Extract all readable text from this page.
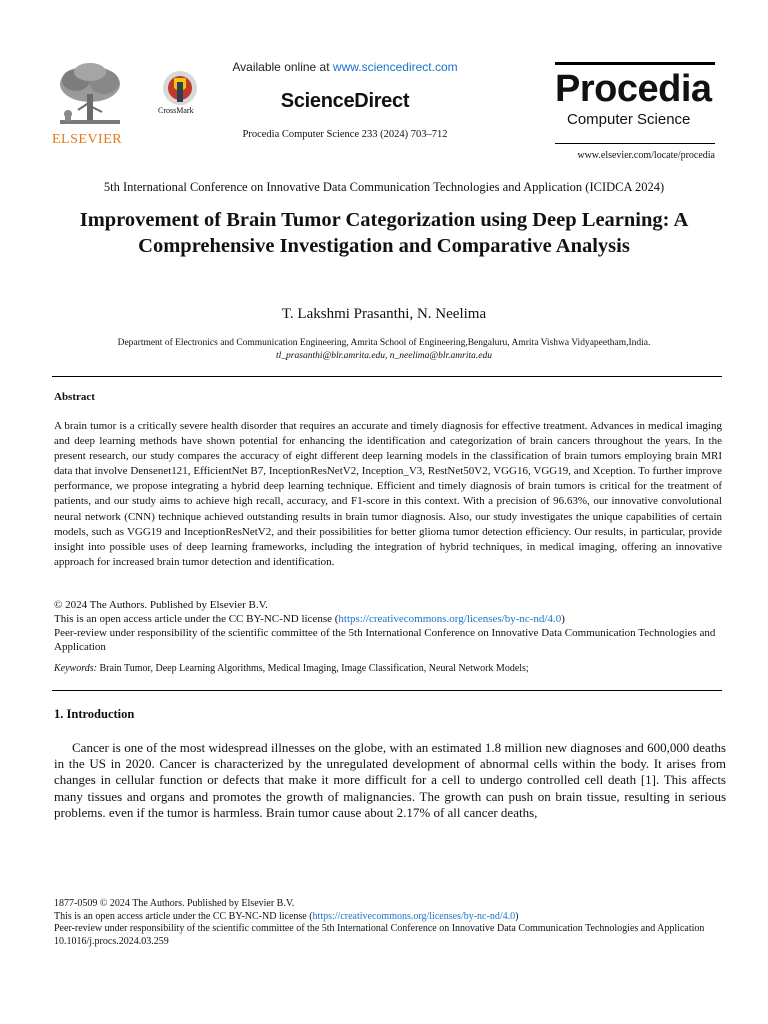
ELSEVIER
CrossMark
Available online at www.sciencedirect.com
ScienceDirect
Procedia Computer Science 233 (2024) 703–712
Procedia
Computer Science
www.elsevier.com/locate/procedia
5th International Conference on Innovative Data Communication Technologies and Application (ICIDCA 2024)
Improvement of Brain Tumor Categorization using Deep Learning: A Comprehensive Investigation and Comparative Analysis
T. Lakshmi Prasanthi, N. Neelima
Department of Electronics and Communication Engineering, Amrita School of Engineering,Bengaluru, Amrita Vishwa Vidyapeetham,India.
tl_prasanthi@blr.amrita.edu, n_neelima@blr.amrita.edu
Abstract
A brain tumor is a critically severe health disorder that requires an accurate and timely diagnosis for effective treatment. Advances in medical imaging and deep learning methods have shown potential for enhancing the identification and categorization of brain cancers throughout the years. In the present research, our study compares the accuracy of eight different deep learning models in the classification of brain tumors employing brain MRI data that involve Densenet121, EfficientNet B7, InceptionResNetV2, Inception_V3, RestNet50V2, VGG16, VGG19, and Xception. To further improve performance, we propose integrating a hybrid deep learning technique. Efficient and timely diagnosis of brain tumors is critical for the treatment of patients, and our study aims to achieve high recall, accuracy, and F1-score in this context. With a precision of 96.63%, our innovative convolutional neural network (CNN) technique achieved outstanding results in brain tumor diagnosis. Also, our study investigates the unique capabilities of certain models, such as VGG19 and InceptionResNetV2, and their possibilities for better glioma tumor detection efficiency. Our results, in particular, provide insight into possible uses of deep learning frameworks, including the integration of hybrid techniques, in medical imaging, offering an innovative approach for increased brain tumor detection and identification.
© 2024 The Authors. Published by Elsevier B.V.
This is an open access article under the CC BY-NC-ND license (https://creativecommons.org/licenses/by-nc-nd/4.0)
Peer-review under responsibility of the scientific committee of the 5th International Conference on Innovative Data Communication Technologies and Application
Keywords: Brain Tumor, Deep Learning Algorithms, Medical Imaging, Image Classification, Neural Network Models;
1. Introduction
Cancer is one of the most widespread illnesses on the globe, with an estimated 1.8 million new diagnoses and 600,000 deaths in the US in 2020. Cancer is characterized by the unregulated development of abnormal cells within the body. It arises from changes in cellular function or defects that make it more difficult for a cell to undergo controlled cell death [1]. This affects many tissues and organs and promotes the growth of malignancies. The growth can push on brain tissue, resulting in serious problems. even if the tumor is harmless. Brain tumor cause about 2.17% of all cancer deaths,
1877-0509 © 2024 The Authors. Published by Elsevier B.V.
This is an open access article under the CC BY-NC-ND license (https://creativecommons.org/licenses/by-nc-nd/4.0)
Peer-review under responsibility of the scientific committee of the 5th International Conference on Innovative Data Communication Technologies and Application
10.1016/j.procs.2024.03.259
